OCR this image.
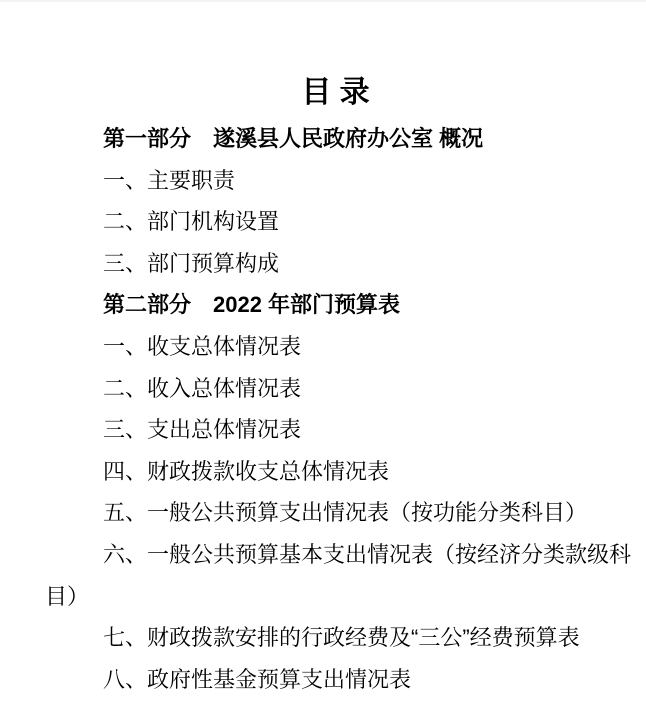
目 录

第一部分　遂溪县人民政府办公室 概况

一、主要职责

二、部门机构设置

三、部门预算构成

第二部分　2022 年部门预算表

一、收支总体情况表

二、收入总体情况表

三、支出总体情况表

四、财政拨款收支总体情况表

五、一般公共预算支出情况表（按功能分类科目）

六、一般公共预算基本支出情况表（按经济分类款级科目）

七、财政拨款安排的行政经费及“三公”经费预算表

八、政府性基金预算支出情况表
